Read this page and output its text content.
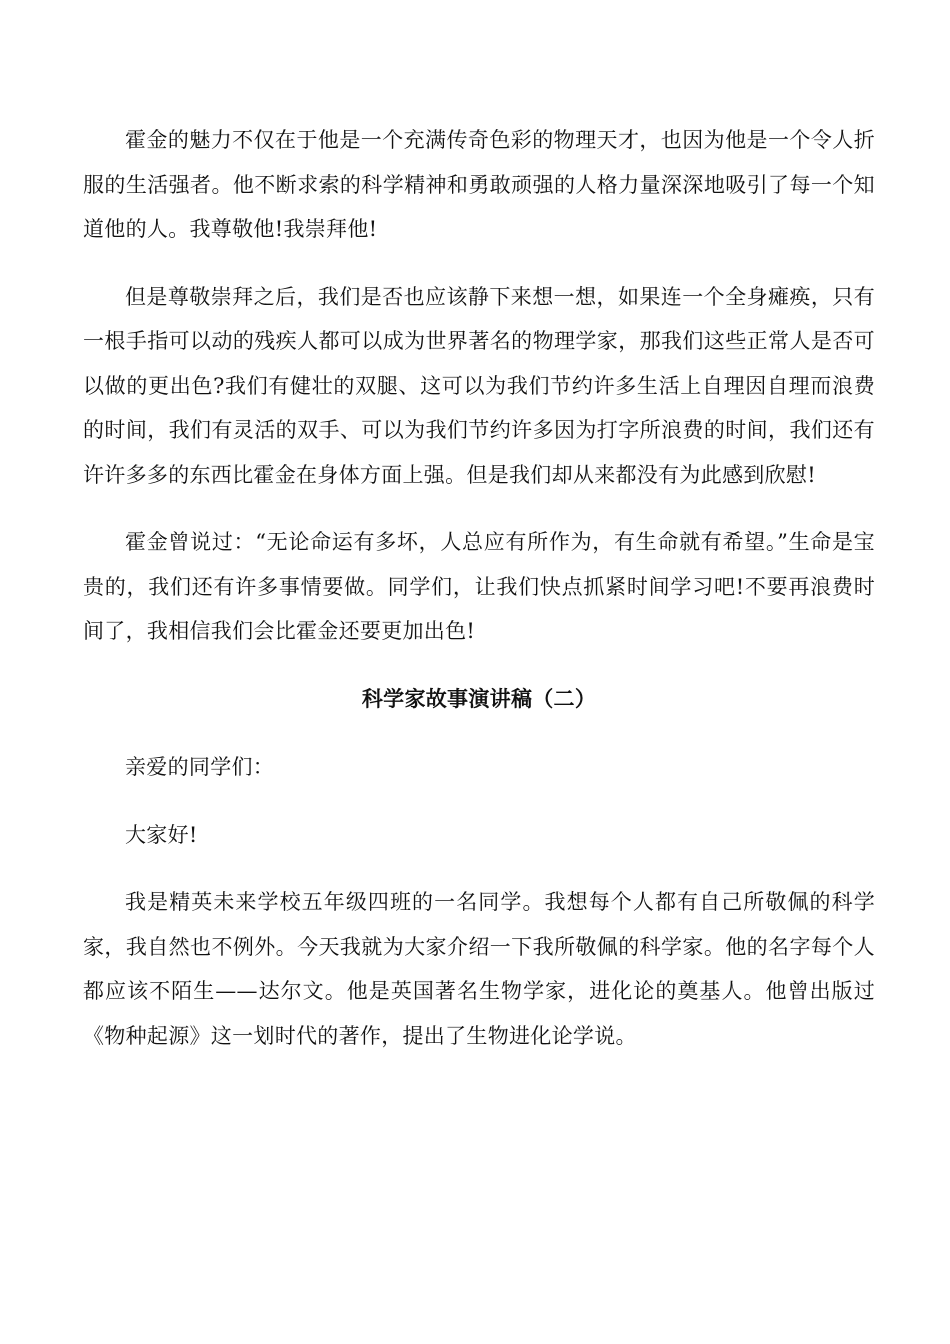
霍金的魅力不仅在于他是一个充满传奇色彩的物理天才，也因为他是一个令人折服的生活强者。他不断求索的科学精神和勇敢顽强的人格力量深深地吸引了每一个知道他的人。我尊敬他!我崇拜他!

但是尊敬崇拜之后，我们是否也应该静下来想一想，如果连一个全身瘫痪，只有一根手指可以动的残疾人都可以成为世界著名的物理学家，那我们这些正常人是否可以做的更出色?我们有健壮的双腿、这可以为我们节约许多生活上自理因自理而浪费的时间，我们有灵活的双手、可以为我们节约许多因为打字所浪费的时间，我们还有许许多多的东西比霍金在身体方面上强。但是我们却从来都没有为此感到欣慰!

霍金曾说过：“无论命运有多坏，人总应有所作为，有生命就有希望。”生命是宝贵的，我们还有许多事情要做。同学们，让我们快点抓紧时间学习吧!不要再浪费时间了，我相信我们会比霍金还要更加出色!

科学家故事演讲稿（二）

亲爱的同学们：

大家好!

我是精英未来学校五年级四班的一名同学。我想每个人都有自己所敬佩的科学家，我自然也不例外。今天我就为大家介绍一下我所敬佩的科学家。他的名字每个人都应该不陌生——达尔文。他是英国著名生物学家，进化论的奠基人。他曾出版过《物种起源》这一划时代的著作，提出了生物进化论学说。
